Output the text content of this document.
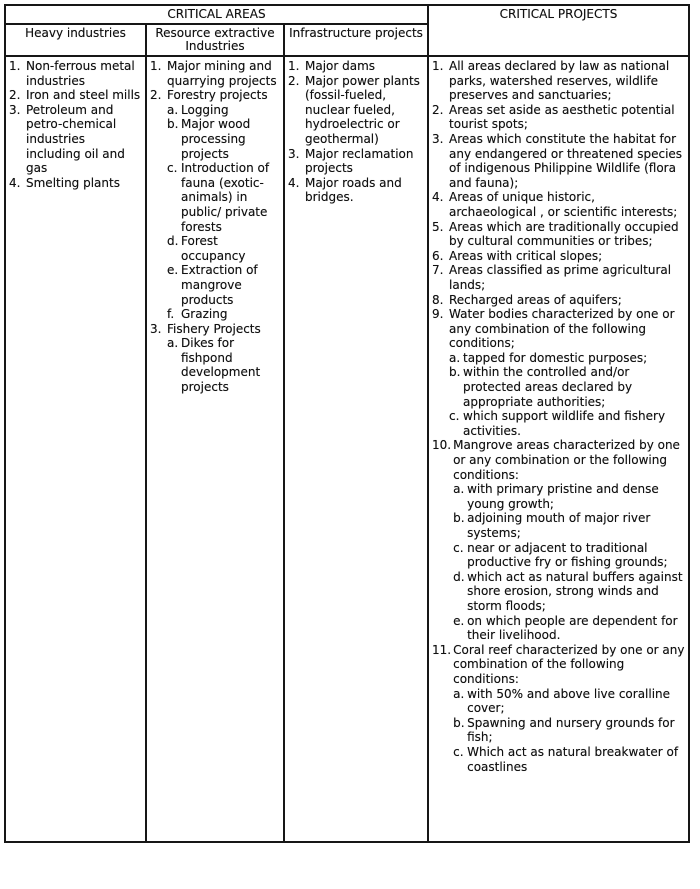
CRITICAL AREAS			CRITICAL PROJECTS
Heavy industries	Resource extractive Industries	Infrastructure projects	

1. Non-ferrous metal industries
2. Iron and steel mills
3. Petroleum and petro-chemical industries including oil and gas
4. Smelting plants

1. Major mining and quarrying projects
2. Forestry projects
a. Logging
b. Major wood processing projects
c. Introduction of fauna (exotic-animals) in public/ private forests
d. Forest occupancy
e. Extraction of mangrove products
f. Grazing
3. Fishery Projects
a. Dikes for fishpond development projects

1. Major dams
2. Major power plants (fossil-fueled, nuclear fueled, hydroelectric or geothermal)
3. Major reclamation projects
4. Major roads and bridges.

1. All areas declared by law as national parks, watershed reserves, wildlife preserves and sanctuaries;
2. Areas set aside as aesthetic potential tourist spots;
3. Areas which constitute the habitat for any endangered or threatened species of indigenous Philippine Wildlife (flora and fauna);
4. Areas of unique historic, archaeological , or scientific interests;
5. Areas which are traditionally occupied by cultural communities or tribes;
6. Areas with critical slopes;
7. Areas classified as prime agricultural lands;
8. Recharged areas of aquifers;
9. Water bodies characterized by one or any combination of the following conditions;
a. tapped for domestic purposes;
b. within the controlled and/or protected areas declared by appropriate authorities;
c. which support wildlife and fishery activities.
10. Mangrove areas characterized by one or any combination or the following conditions:
a. with primary pristine and dense young growth;
b. adjoining mouth of major river systems;
c. near or adjacent to traditional productive fry or fishing grounds;
d. which act as natural buffers against shore erosion, strong winds and storm floods;
e. on which people are dependent for their livelihood.
11. Coral reef characterized by one or any combination of the following conditions:
a. with 50% and above live coralline cover;
b. Spawning and nursery grounds for fish;
c. Which act as natural breakwater of coastlines
